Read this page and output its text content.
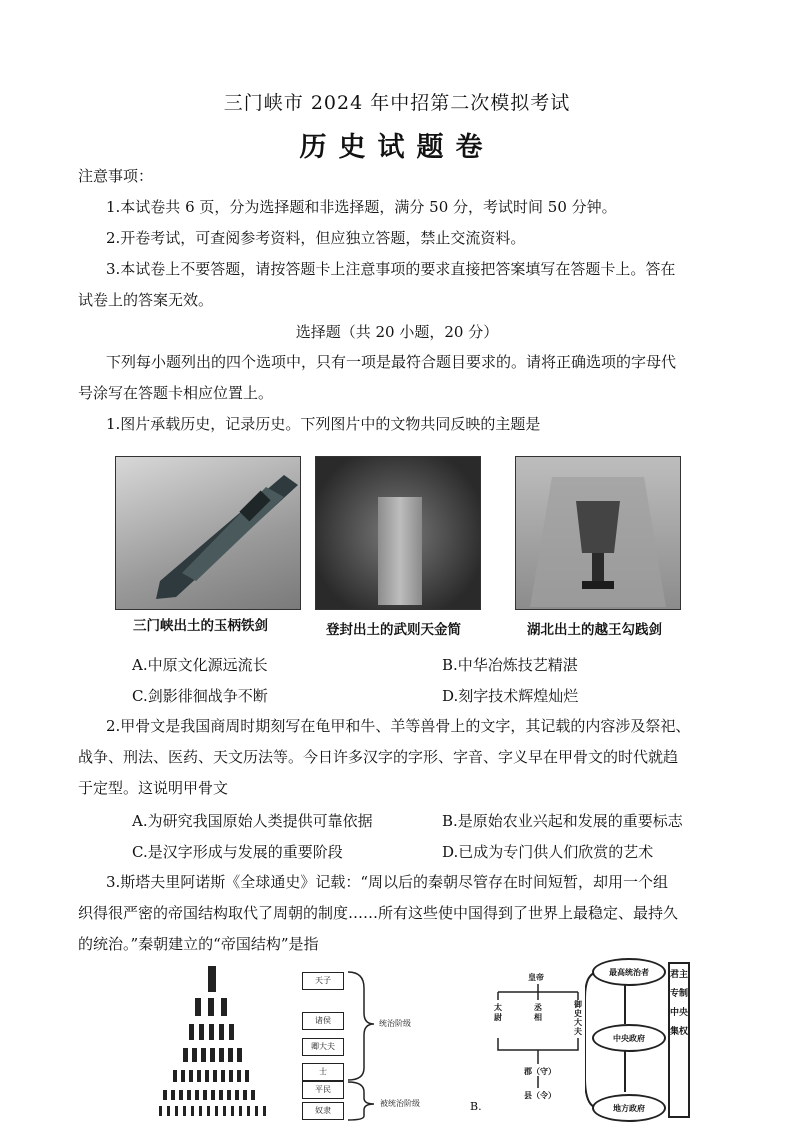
三门峡市 2024 年中招第二次模拟考试
历史试题卷
注意事项：
1.本试卷共 6 页，分为选择题和非选择题，满分 50 分，考试时间 50 分钟。
2.开卷考试，可查阅参考资料，但应独立答题，禁止交流资料。
3.本试卷上不要答题，请按答题卡上注意事项的要求直接把答案填写在答题卡上。答在
试卷上的答案无效。
选择题（共 20 小题，20 分）
下列每小题列出的四个选项中，只有一项是最符合题目要求的。请将正确选项的字母代
号涂写在答题卡相应位置上。
1.图片承载历史，记录历史。下列图片中的文物共同反映的主题是
三门峡出土的玉柄铁剑	登封出土的武则天金简	湖北出土的越王勾践剑
A.中原文化源远流长	B.中华冶炼技艺精湛
C.剑影徘徊战争不断	D.刻字技术辉煌灿烂
2.甲骨文是我国商周时期刻写在龟甲和牛、羊等兽骨上的文字，其记载的内容涉及祭祀、
战争、刑法、医药、天文历法等。今日许多汉字的字形、字音、字义早在甲骨文的时代就趋
于定型。这说明甲骨文
A.为研究我国原始人类提供可靠依据	B.是原始农业兴起和发展的重要标志
C.是汉字形成与发展的重要阶段	D.已成为专门供人们欣赏的艺术
3.斯塔夫里阿诺斯《全球通史》记载：“周以后的秦朝尽管存在时间短暂，却用一个组
织得很严密的帝国结构取代了周朝的制度……所有这些使中国得到了世界上最稳定、最持久
的统治。”秦朝建立的“帝国结构”是指
天子
诸侯
卿大夫
士
平民
奴隶
统治阶级
被统治阶级	B.
皇帝
太尉
丞相
御史大夫
郡（守）
县（令）
最高统治者
中央政府
地方政府
君主专制中央集权
